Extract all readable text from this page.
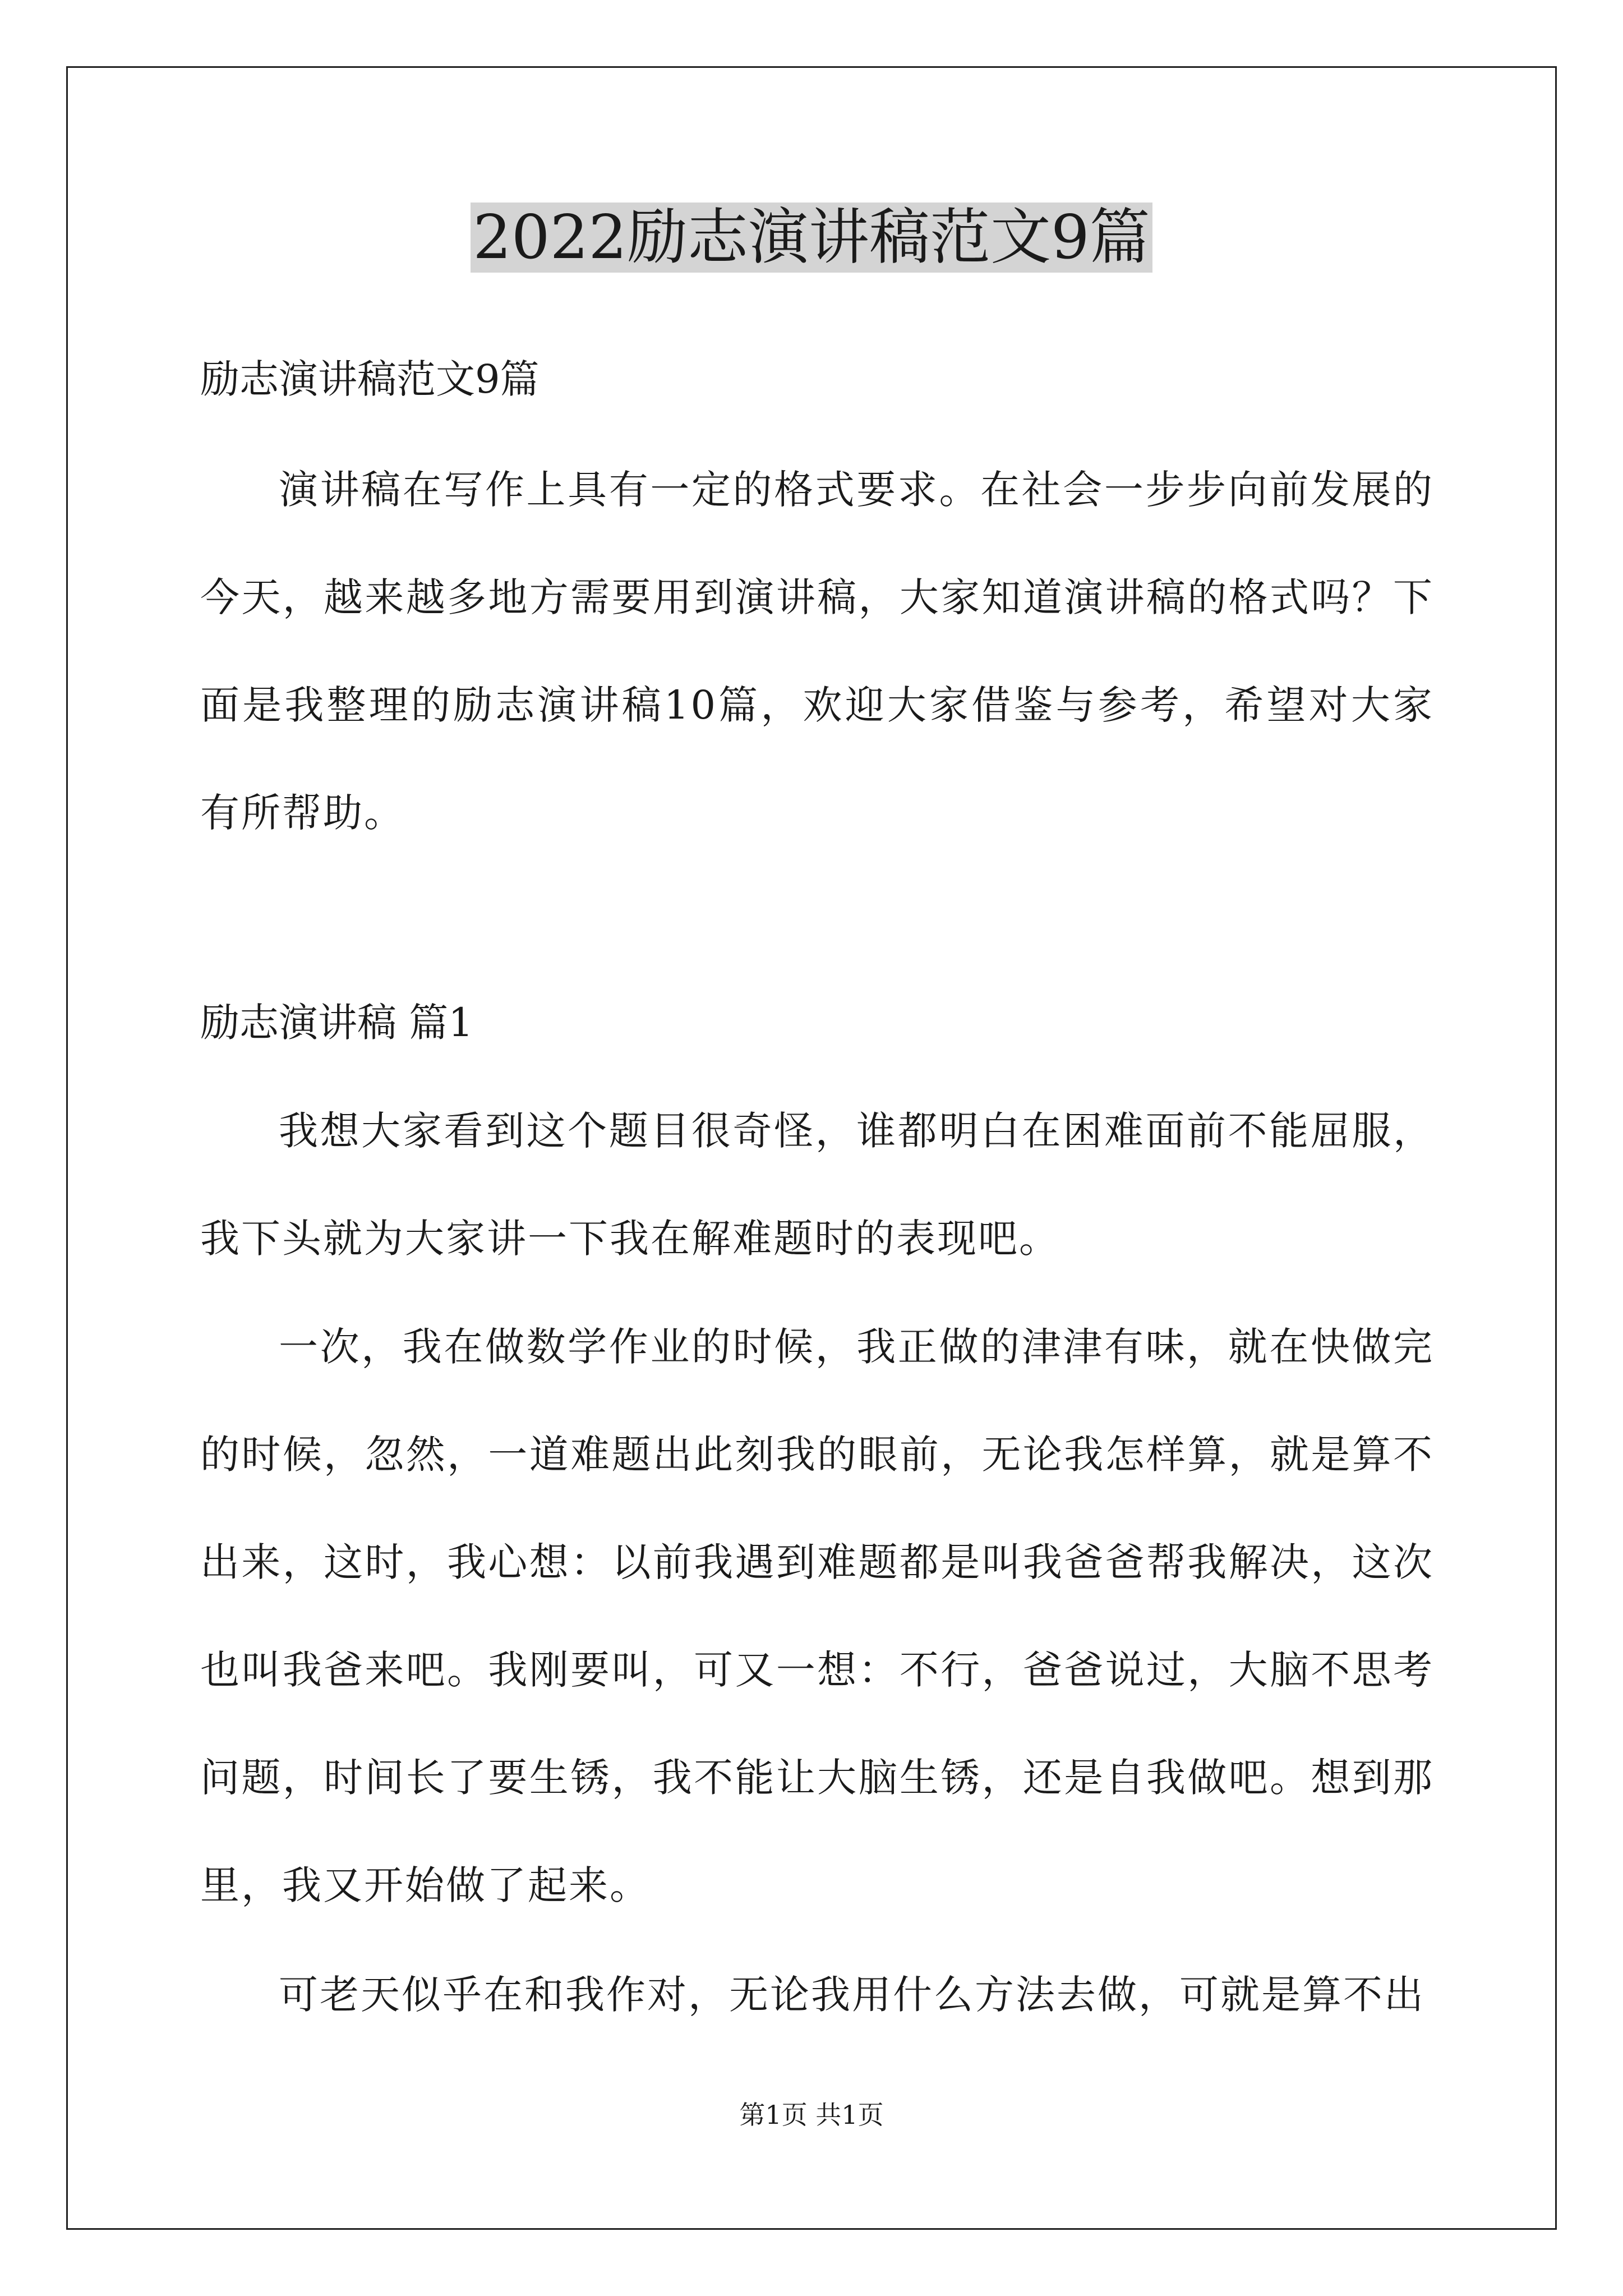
2022励志演讲稿范文9篇
励志演讲稿范文9篇
演讲稿在写作上具有一定的格式要求。在社会一步步向前发展的今天，越来越多地方需要用到演讲稿，大家知道演讲稿的格式吗？下面是我整理的励志演讲稿10篇，欢迎大家借鉴与参考，希望对大家有所帮助。
励志演讲稿 篇1
我想大家看到这个题目很奇怪，谁都明白在困难面前不能屈服，我下头就为大家讲一下我在解难题时的表现吧。
一次，我在做数学作业的时候，我正做的津津有味，就在快做完的时候，忽然，一道难题出此刻我的眼前，无论我怎样算，就是算不出来，这时，我心想：以前我遇到难题都是叫我爸爸帮我解决，这次也叫我爸来吧。我刚要叫，可又一想：不行，爸爸说过，大脑不思考问题，时间长了要生锈，我不能让大脑生锈，还是自我做吧。想到那里，我又开始做了起来。
可老天似乎在和我作对，无论我用什么方法去做，可就是算不出
第1页 共1页
